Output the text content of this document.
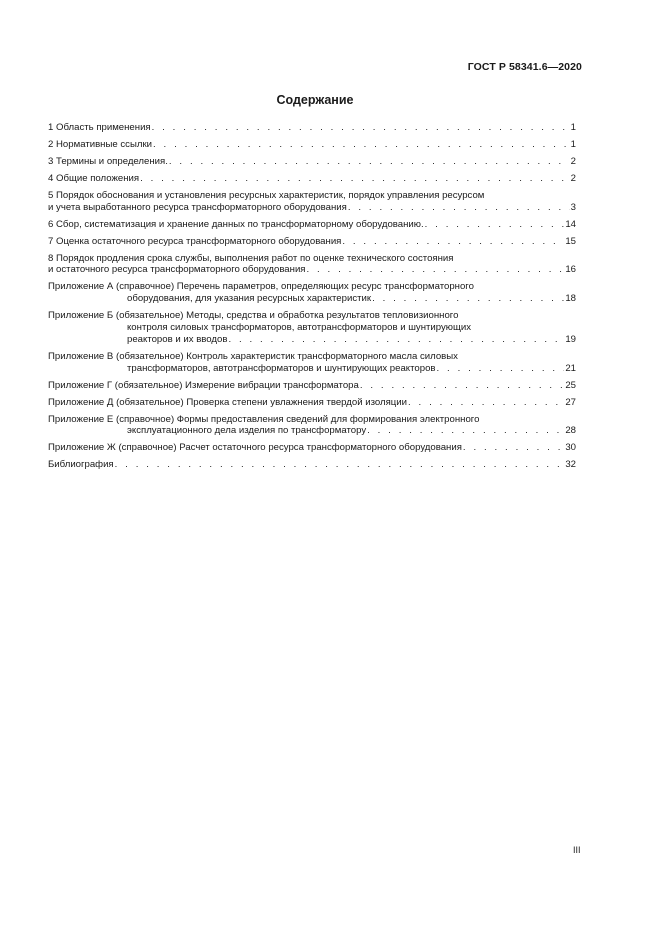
ГОСТ Р 58341.6—2020
Содержание
1 Область применения . . .	1
2 Нормативные ссылки . . .	1
3 Термины и определения. . . .	2
4 Общие положения . . .	2
5 Порядок обоснования и установления ресурсных характеристик, порядок управления ресурсом
и учета выработанного ресурса трансформаторного оборудования . . .	3
6 Сбор, систематизация и хранение данных по трансформаторному оборудованию. . . .	14
7 Оценка остаточного ресурса трансформаторного оборудования . . .	15
8 Порядок продления срока службы, выполнения работ по оценке технического состояния
и остаточного ресурса трансформаторного оборудования . . .	16
Приложение А (справочное) Перечень параметров, определяющих ресурс трансформаторного
оборудования, для указания ресурсных характеристик . . .	18
Приложение Б (обязательное) Методы, средства и обработка результатов тепловизионного
контроля силовых трансформаторов, автотрансформаторов и шунтирующих
реакторов и их вводов . . .	19
Приложение В (обязательное) Контроль характеристик трансформаторного масла силовых
трансформаторов, автотрансформаторов и шунтирующих реакторов . . .	21
Приложение Г (обязательное) Измерение вибрации трансформатора . . .	25
Приложение Д (обязательное) Проверка степени увлажнения твердой изоляции . . .	27
Приложение Е (справочное) Формы предоставления сведений для формирования электронного
эксплуатационного дела изделия по трансформатору . . .	28
Приложение Ж (справочное) Расчет остаточного ресурса трансформаторного оборудования . . .	30
Библиография . . .	32
III
